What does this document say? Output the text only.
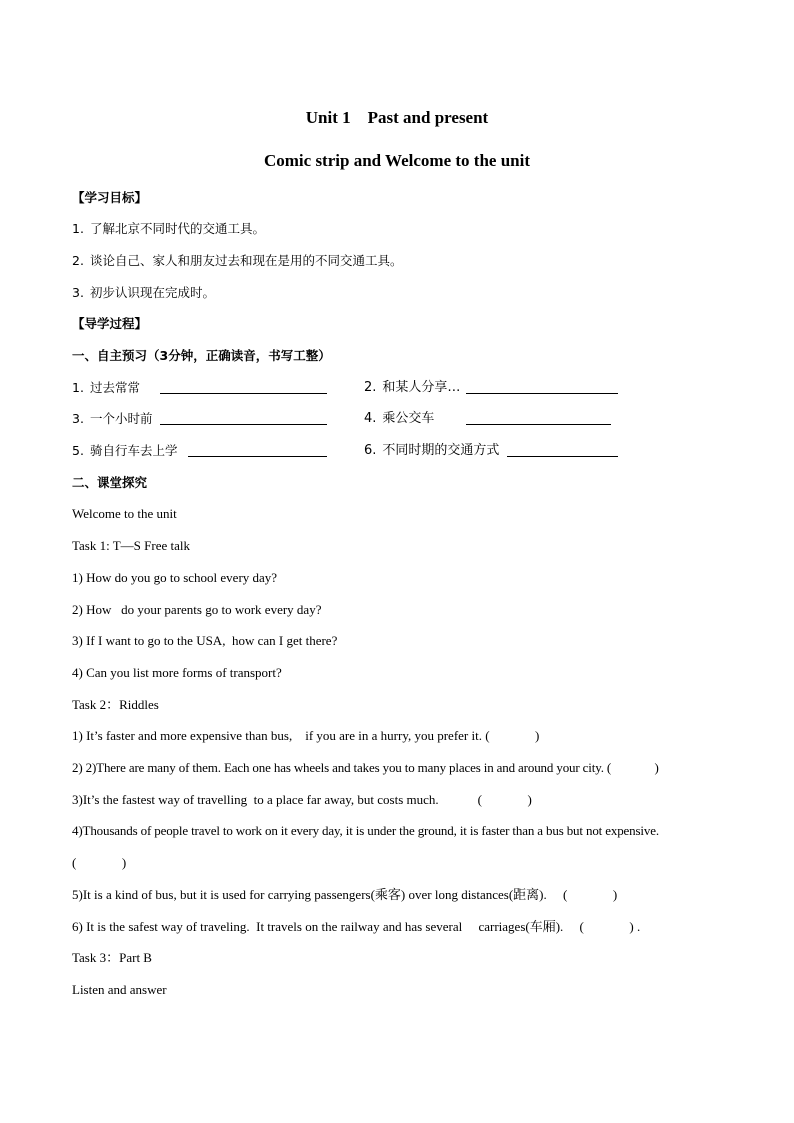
Unit 1    Past and present
Comic strip and Welcome to the unit
【学习目标】
1. 了解北京不同时代的交通工具。
2. 谈论自己、家人和朋友过去和现在是用的不同交通工具。
3. 初步认识现在完成时。
【导学过程】
一、自主预习（3分钟，正确读音，书写工整）
1. 过去常常	2. 和某人分享…
3. 一个小时前	4. 乘公交车
5. 骑自行车去上学	6. 不同时期的交通方式
二、课堂探究
Welcome to the unit
Task 1: T—S Free talk
1) How do you go to school every day?
2) How   do your parents go to work every day?
3) If I want to go to the USA,  how can I get there?
4) Can you list more forms of transport?
Task 2：Riddles
1) It’s faster and more expensive than bus,    if you are in a hurry, you prefer it. (              )
2) 2)There are many of them. Each one has wheels and takes you to many places in and around your city. (              )
3)It’s the fastest way of travelling  to a place far away, but costs much.            (              )
4)Thousands of people travel to work on it every day, it is under the ground, it is faster than a bus but not expensive.
(              )
5)It is a kind of bus, but it is used for carrying passengers(乘客) over long distances(距离).     (              )
6) It is the safest way of traveling.  It travels on the railway and has several     carriages(车厢).     (              ) .
Task 3：Part B
Listen and answer
